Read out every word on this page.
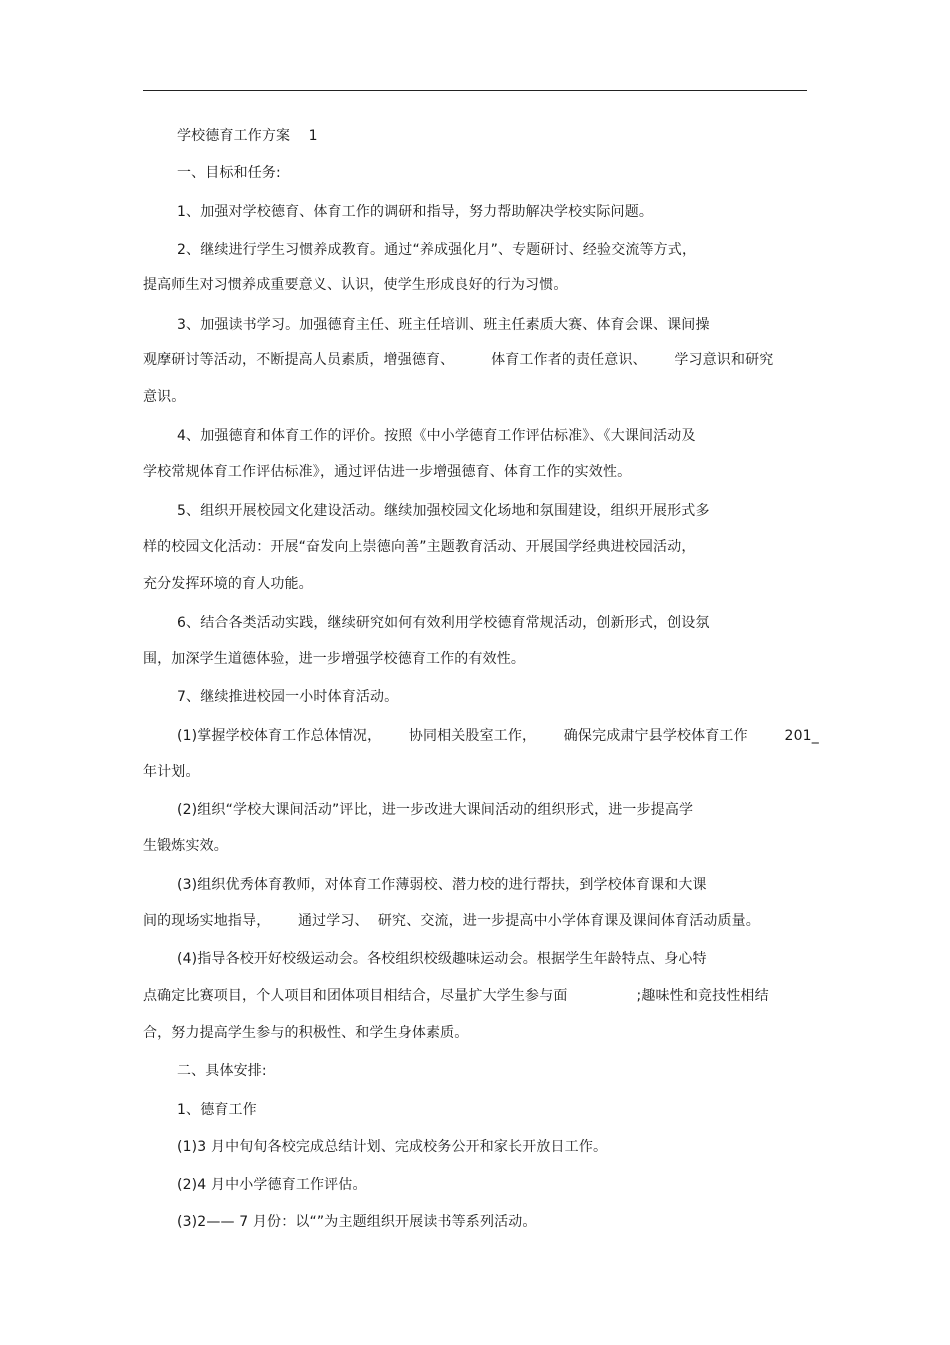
学校德育工作方案    1
一、目标和任务:
1、加强对学校德育、体育工作的调研和指导，努力帮助解决学校实际问题。
2、继续进行学生习惯养成教育。通过“养成强化月”、专题研讨、经验交流等方式，
提高师生对习惯养成重要意义、认识，使学生形成良好的行为习惯。
3、加强读书学习。加强德育主任、班主任培训、班主任素质大赛、体育会课、课间操
观摩研讨等活动，不断提高人员素质，增强德育、        体育工作者的责任意识、      学习意识和研究
意识。
4、加强德育和体育工作的评价。按照《中小学德育工作评估标准》、《大课间活动及
学校常规体育工作评估标准》，通过评估进一步增强德育、体育工作的实效性。
5、组织开展校园文化建设活动。继续加强校园文化场地和氛围建设，组织开展形式多
样的校园文化活动：开展“奋发向上崇德向善”主题教育活动、开展国学经典进校园活动，
充分发挥环境的育人功能。
6、结合各类活动实践，继续研究如何有效利用学校德育常规活动，创新形式，创设氛
围，加深学生道德体验，进一步增强学校德育工作的有效性。
7、继续推进校园一小时体育活动。
(1)掌握学校体育工作总体情况，      协同相关股室工作，      确保完成肃宁县学校体育工作        201_
年计划。
(2)组织“学校大课间活动”评比，进一步改进大课间活动的组织形式，进一步提高学
生锻炼实效。
(3)组织优秀体育教师，对体育工作薄弱校、潜力校的进行帮扶，到学校体育课和大课
间的现场实地指导，      通过学习、  研究、交流，进一步提高中小学体育课及课间体育活动质量。
(4)指导各校开好校级运动会。各校组织校级趣味运动会。根据学生年龄特点、身心特
点确定比赛项目，个人项目和团体项目相结合，尽量扩大学生参与面               ;趣味性和竞技性相结
合，努力提高学生参与的积极性、和学生身体素质。
二、具体安排:
1、德育工作
(1)3 月中旬旬各校完成总结计划、完成校务公开和家长开放日工作。
(2)4 月中小学德育工作评估。
(3)2—— 7 月份：以“”为主题组织开展读书等系列活动。
